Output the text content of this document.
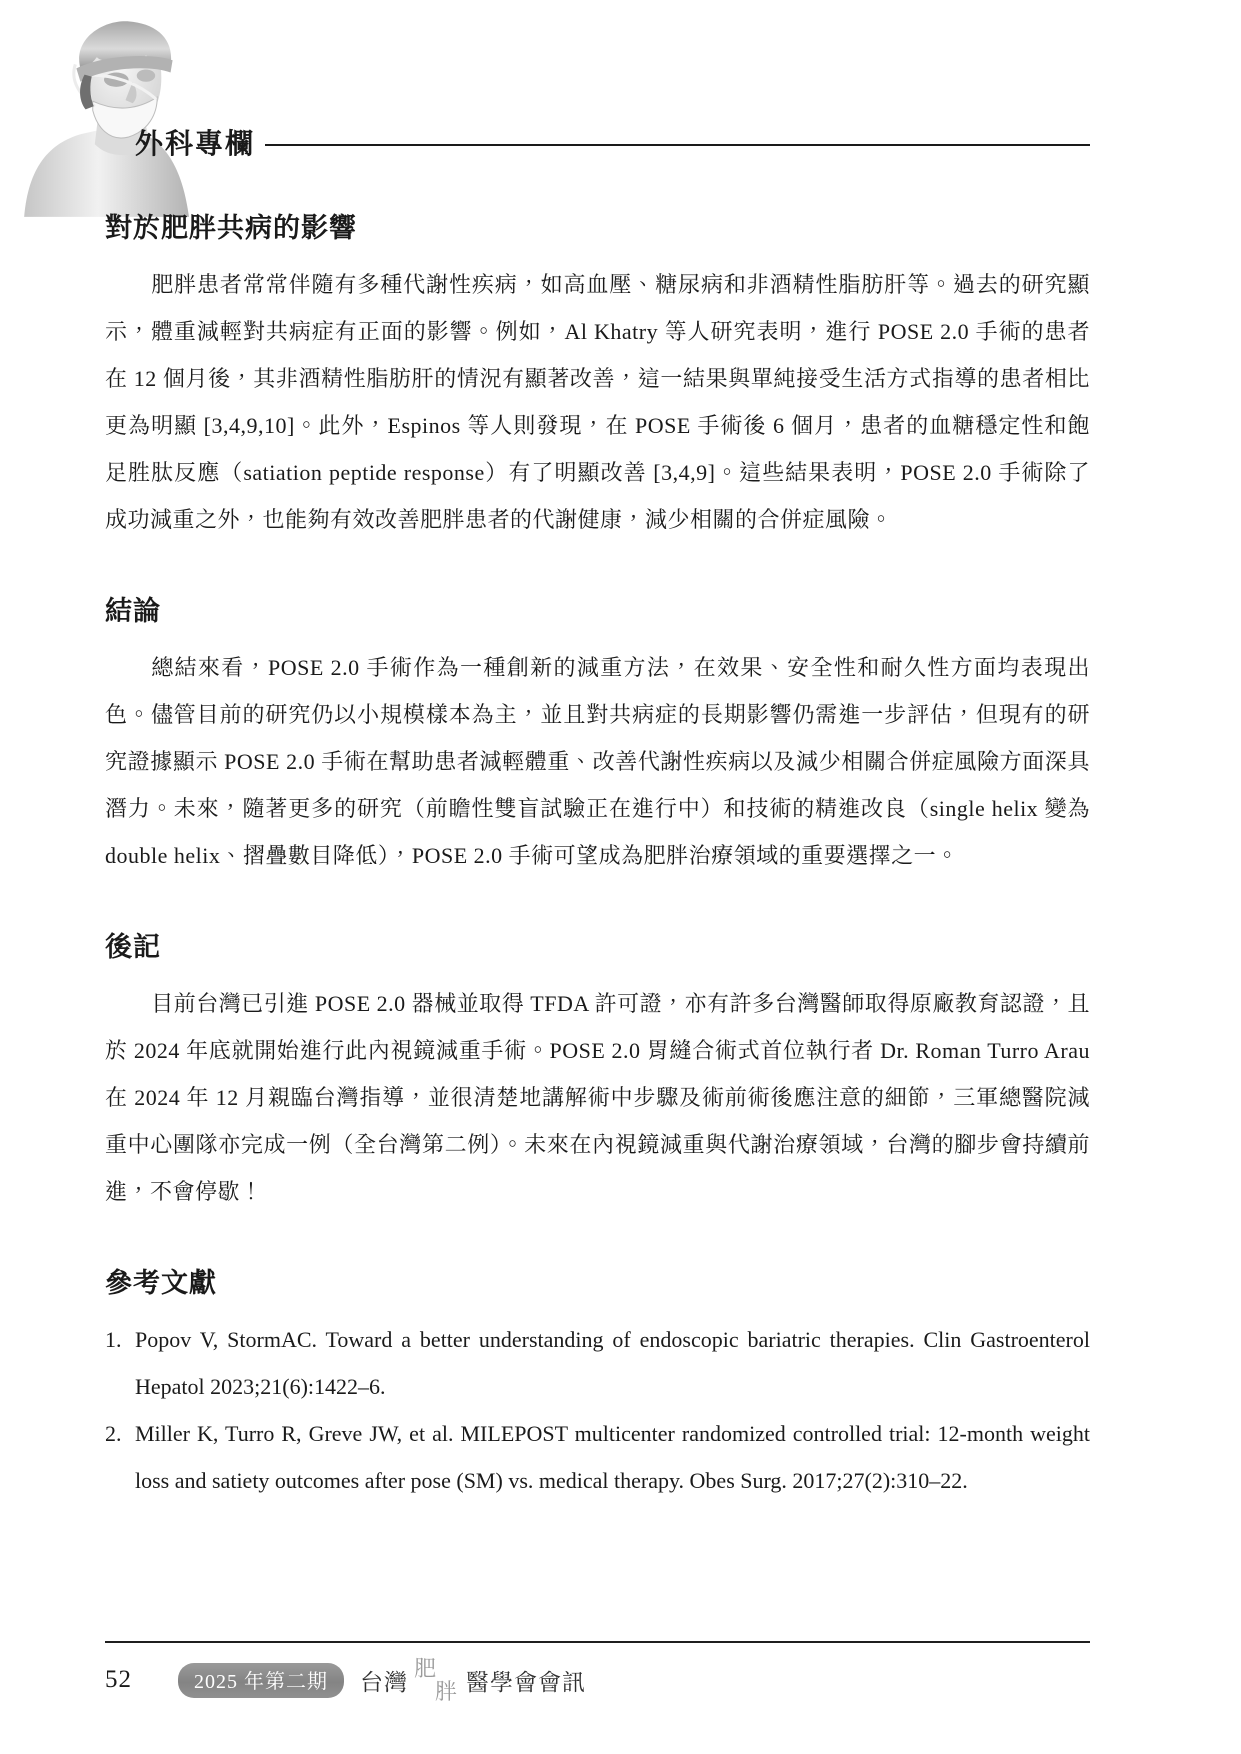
外科專欄
對於肥胖共病的影響

肥胖患者常常伴隨有多種代謝性疾病，如高血壓、糖尿病和非酒精性脂肪肝等。過去的研究顯示，體重減輕對共病症有正面的影響。例如，Al Khatry 等人研究表明，進行 POSE 2.0 手術的患者在 12 個月後，其非酒精性脂肪肝的情況有顯著改善，這一結果與單純接受生活方式指導的患者相比更為明顯 [3,4,9,10]。此外，Espinos 等人則發現，在 POSE 手術後 6 個月，患者的血糖穩定性和飽足胜肽反應（satiation peptide response）有了明顯改善 [3,4,9]。這些結果表明，POSE 2.0 手術除了成功減重之外，也能夠有效改善肥胖患者的代謝健康，減少相關的合併症風險。

結論

總結來看，POSE 2.0 手術作為一種創新的減重方法，在效果、安全性和耐久性方面均表現出色。儘管目前的研究仍以小規模樣本為主，並且對共病症的長期影響仍需進一步評估，但現有的研究證據顯示 POSE 2.0 手術在幫助患者減輕體重、改善代謝性疾病以及減少相關合併症風險方面深具潛力。未來，隨著更多的研究（前瞻性雙盲試驗正在進行中）和技術的精進改良（single helix 變為 double helix、摺疊數目降低），POSE 2.0 手術可望成為肥胖治療領域的重要選擇之一。

後記

目前台灣已引進 POSE 2.0 器械並取得 TFDA 許可證，亦有許多台灣醫師取得原廠教育認證，且於 2024 年底就開始進行此內視鏡減重手術。POSE 2.0 胃縫合術式首位執行者 Dr. Roman Turro Arau 在 2024 年 12 月親臨台灣指導，並很清楚地講解術中步驟及術前術後應注意的細節，三軍總醫院減重中心團隊亦完成一例（全台灣第二例）。未來在內視鏡減重與代謝治療領域，台灣的腳步會持續前進，不會停歇！

參考文獻
1. Popov V, StormAC. Toward a better understanding of endoscopic bariatric therapies. Clin Gastroenterol Hepatol 2023;21(6):1422–6.
2. Miller K, Turro R, Greve JW, et al. MILEPOST multicenter randomized controlled trial: 12-month weight loss and satiety outcomes after pose (SM) vs. medical therapy. Obes Surg. 2017;27(2):310–22.
52	2025 年第二期	台灣
肥
胖 醫學會會訊
